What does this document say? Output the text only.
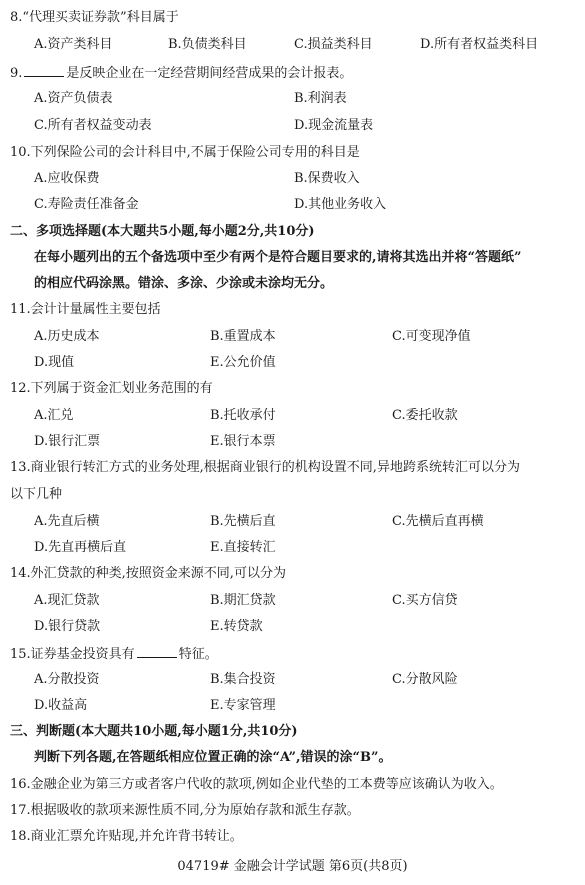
8.“代理买卖证券款”科目属于
A.资产类科目	B.负债类科目	C.损益类科目	D.所有者权益类科目
9.	是反映企业在一定经营期间经营成果的会计报表。
A.资产负债表	B.利润表
C.所有者权益变动表	D.现金流量表
10.下列保险公司的会计科目中,不属于保险公司专用的科目是
A.应收保费	B.保费收入
C.寿险责任准备金	D.其他业务收入
二、多项选择题(本大题共5小题,每小题2分,共10分)
在每小题列出的五个备选项中至少有两个是符合题目要求的,请将其选出并将“答题纸”
的相应代码涂黑。错涂、多涂、少涂或未涂均无分。
11.会计计量属性主要包括
A.历史成本	B.重置成本	C.可变现净值
D.现值	E.公允价值
12.下列属于资金汇划业务范围的有
A.汇兑	B.托收承付	C.委托收款
D.银行汇票	E.银行本票
13.商业银行转汇方式的业务处理,根据商业银行的机构设置不同,异地跨系统转汇可以分为
以下几种
A.先直后横	B.先横后直	C.先横后直再横
D.先直再横后直	E.直接转汇
14.外汇贷款的种类,按照资金来源不同,可以分为
A.现汇贷款	B.期汇贷款	C.买方信贷
D.银行贷款	E.转贷款
15.证券基金投资具有	特征。
A.分散投资	B.集合投资	C.分散风险
D.收益高	E.专家管理
三、判断题(本大题共10小题,每小题1分,共10分)
判断下列各题,在答题纸相应位置正确的涂“A”,错误的涂“B”。
16.金融企业为第三方或者客户代收的款项,例如企业代垫的工本费等应该确认为收入。
17.根据吸收的款项来源性质不同,分为原始存款和派生存款。
18.商业汇票允许贴现,并允许背书转让。
04719# 金融会计学试题 第6页(共8页)
